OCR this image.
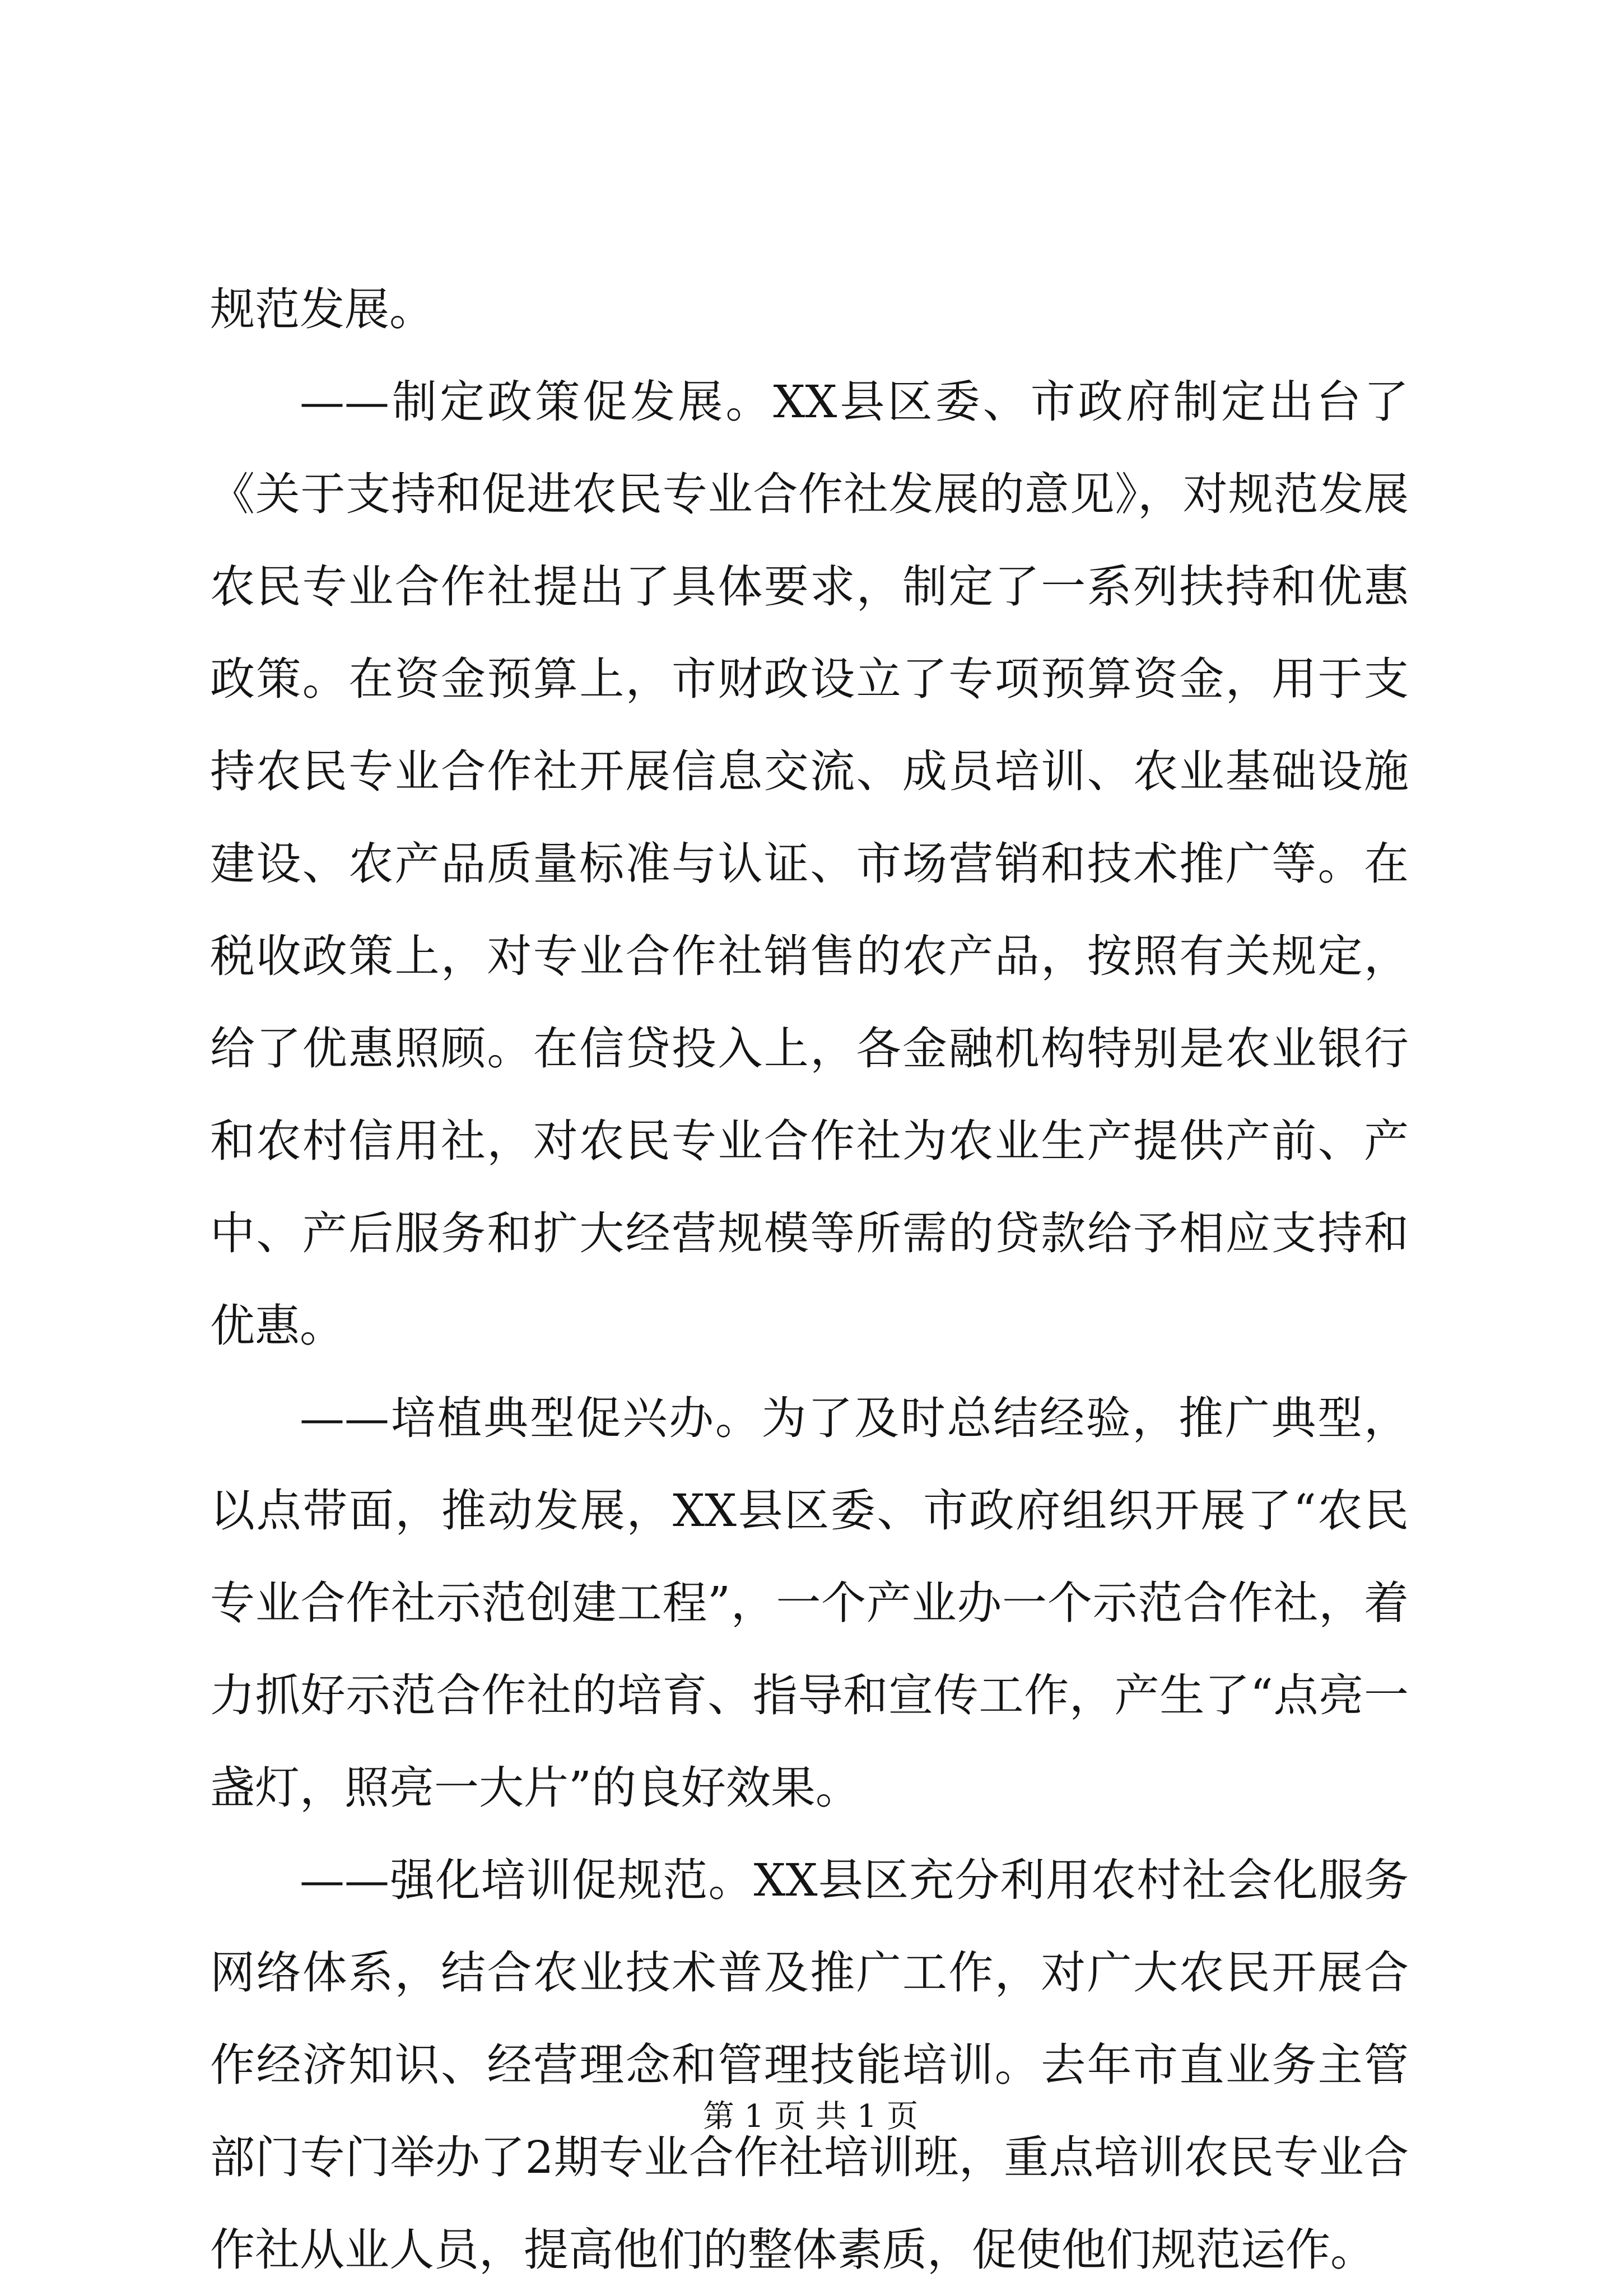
规范发展。

——制定政策促发展。XX县区委、市政府制定出台了《关于支持和促进农民专业合作社发展的意见》，对规范发展农民专业合作社提出了具体要求，制定了一系列扶持和优惠政策。在资金预算上，市财政设立了专项预算资金，用于支持农民专业合作社开展信息交流、成员培训、农业基础设施建设、农产品质量标准与认证、市场营销和技术推广等。在税收政策上，对专业合作社销售的农产品，按照有关规定，给了优惠照顾。在信贷投入上，各金融机构特别是农业银行和农村信用社，对农民专业合作社为农业生产提供产前、产中、产后服务和扩大经营规模等所需的贷款给予相应支持和优惠。

——培植典型促兴办。为了及时总结经验，推广典型，以点带面，推动发展，XX县区委、市政府组织开展了“农民专业合作社示范创建工程”，一个产业办一个示范合作社，着力抓好示范合作社的培育、指导和宣传工作，产生了“点亮一盏灯，照亮一大片”的良好效果。

——强化培训促规范。XX县区充分利用农村社会化服务网络体系，结合农业技术普及推广工作，对广大农民开展合作经济知识、经营理念和管理技能培训。去年市直业务主管部门专门举办了2期专业合作社培训班，重点培训农民专业合作社从业人员，提高他们的整体素质，促使他们规范运作。

第 1 页 共 1 页
